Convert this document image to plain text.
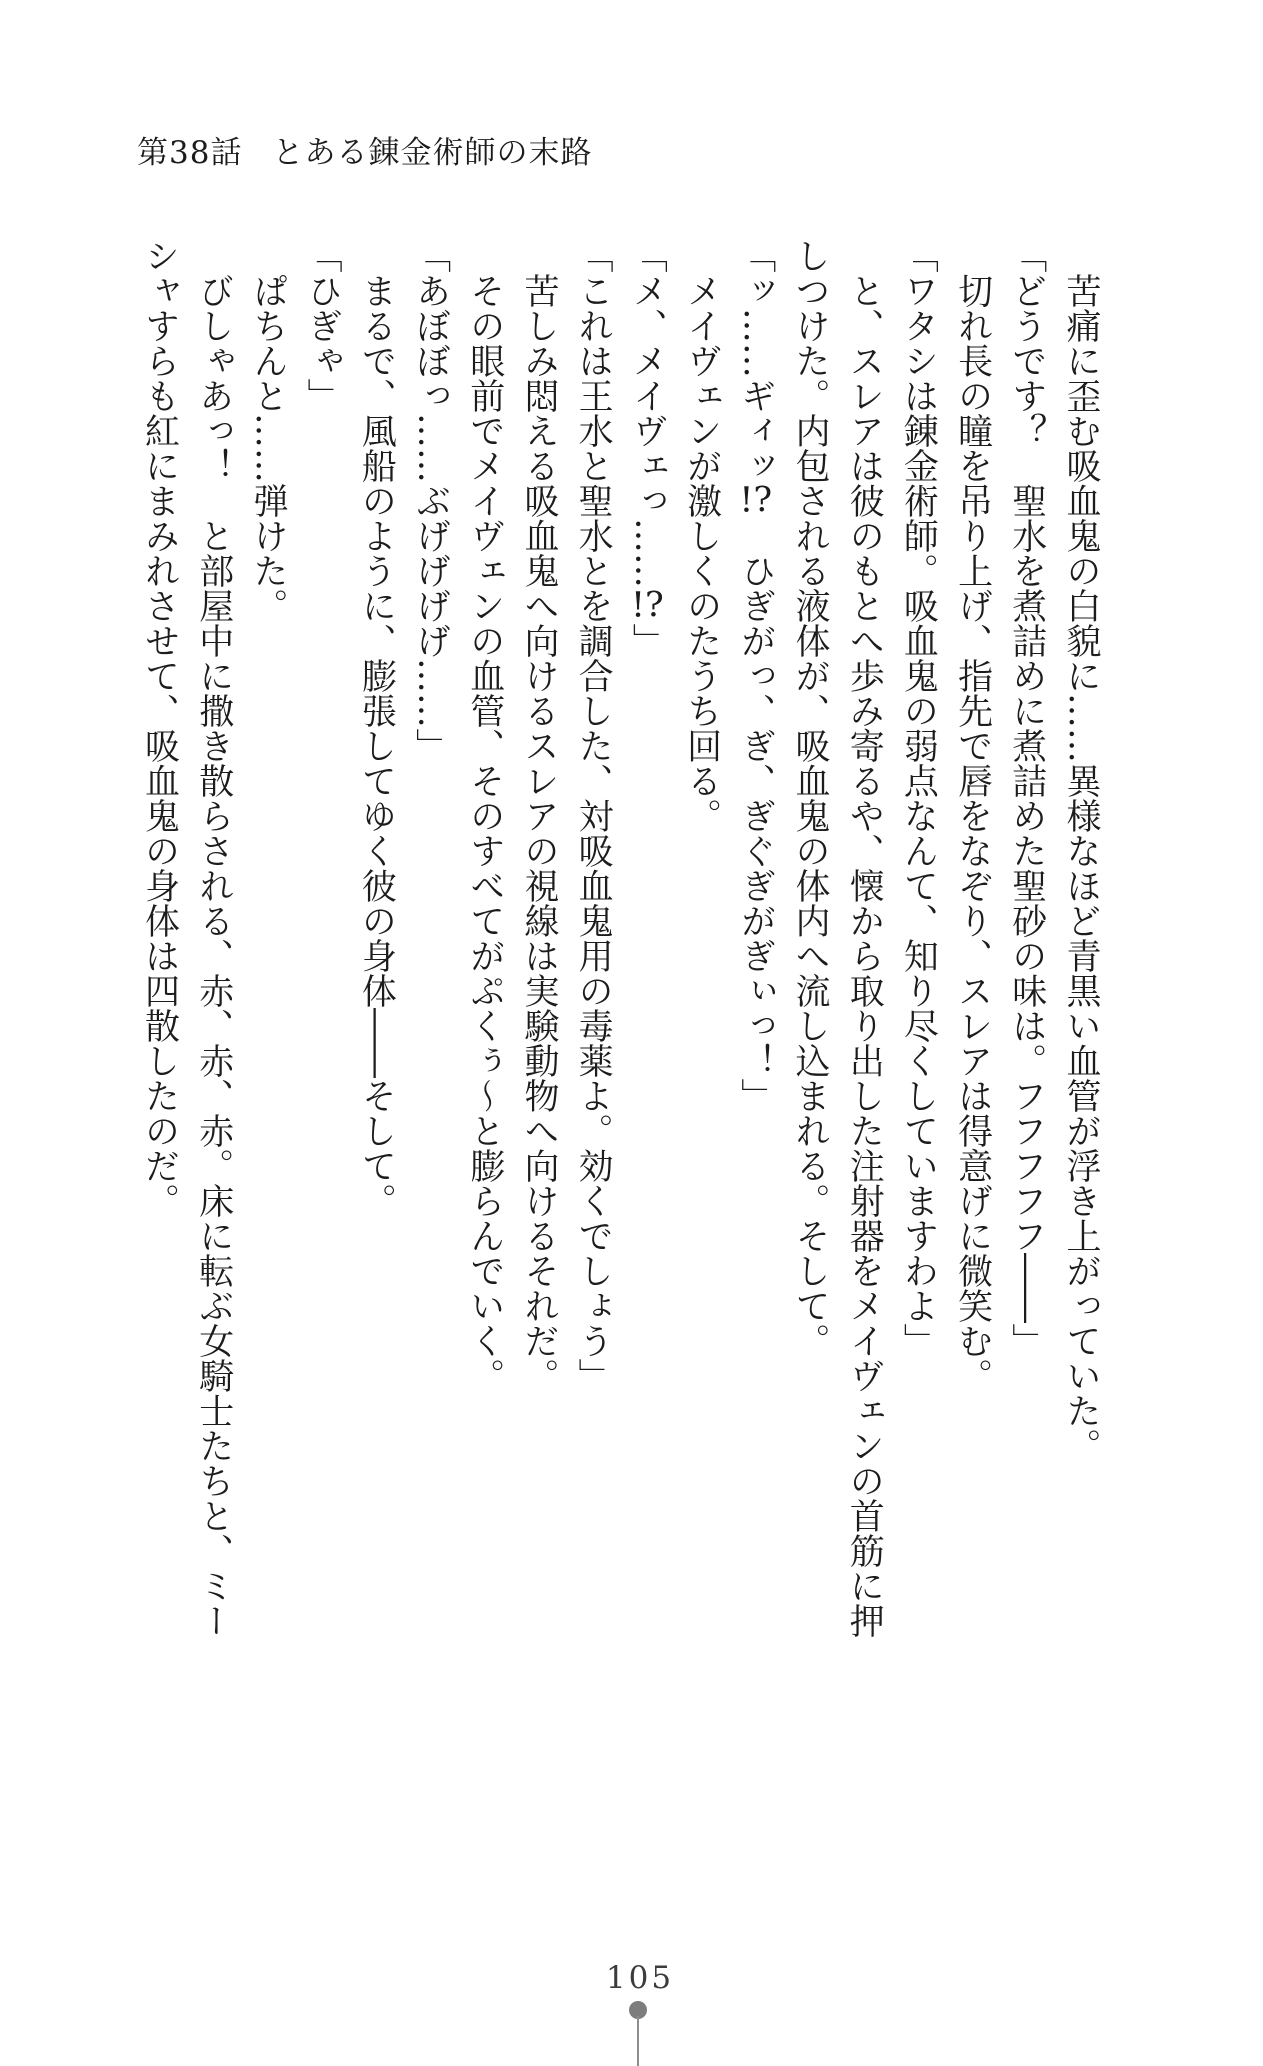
第38話 とある錬金術師の末路
苦痛に歪む吸血鬼の白貌に……異様なほど青黒い血管が浮き上がっていた。
「どうです？　聖水を煮詰めに煮詰めた聖砂の味は。フフフフフ――」
切れ長の瞳を吊り上げ、指先で唇をなぞり、スレアは得意げに微笑む。
「ワタシは錬金術師。吸血鬼の弱点なんて、知り尽くしていますわよ」
と、スレアは彼のもとへ歩み寄るや、懐から取り出した注射器をメイヴェンの首筋に押
しつけた。内包される液体が、吸血鬼の体内へ流し込まれる。そして。
「ッ……ギィッ!?　ひぎがっ、ぎ、ぎぐぎがぎぃっ！」
メイヴェンが激しくのたうち回る。
「メ、メイヴェっ……!?」
「これは王水と聖水とを調合した、対吸血鬼用の毒薬よ。効くでしょう」
苦しみ悶える吸血鬼へ向けるスレアの視線は実験動物へ向けるそれだ。
その眼前でメイヴェンの血管、そのすべてがぷくぅ～と膨らんでいく。
「あぼぼっ……ぶげげげげ……」
まるで、風船のように、膨張してゆく彼の身体――そして。
「ひぎゃ」
ぱちんと……弾けた。
びしゃあっ！　と部屋中に撒き散らされる、赤、赤、赤。床に転ぶ女騎士たちと、ミー
シャすらも紅にまみれさせて、吸血鬼の身体は四散したのだ。
105
